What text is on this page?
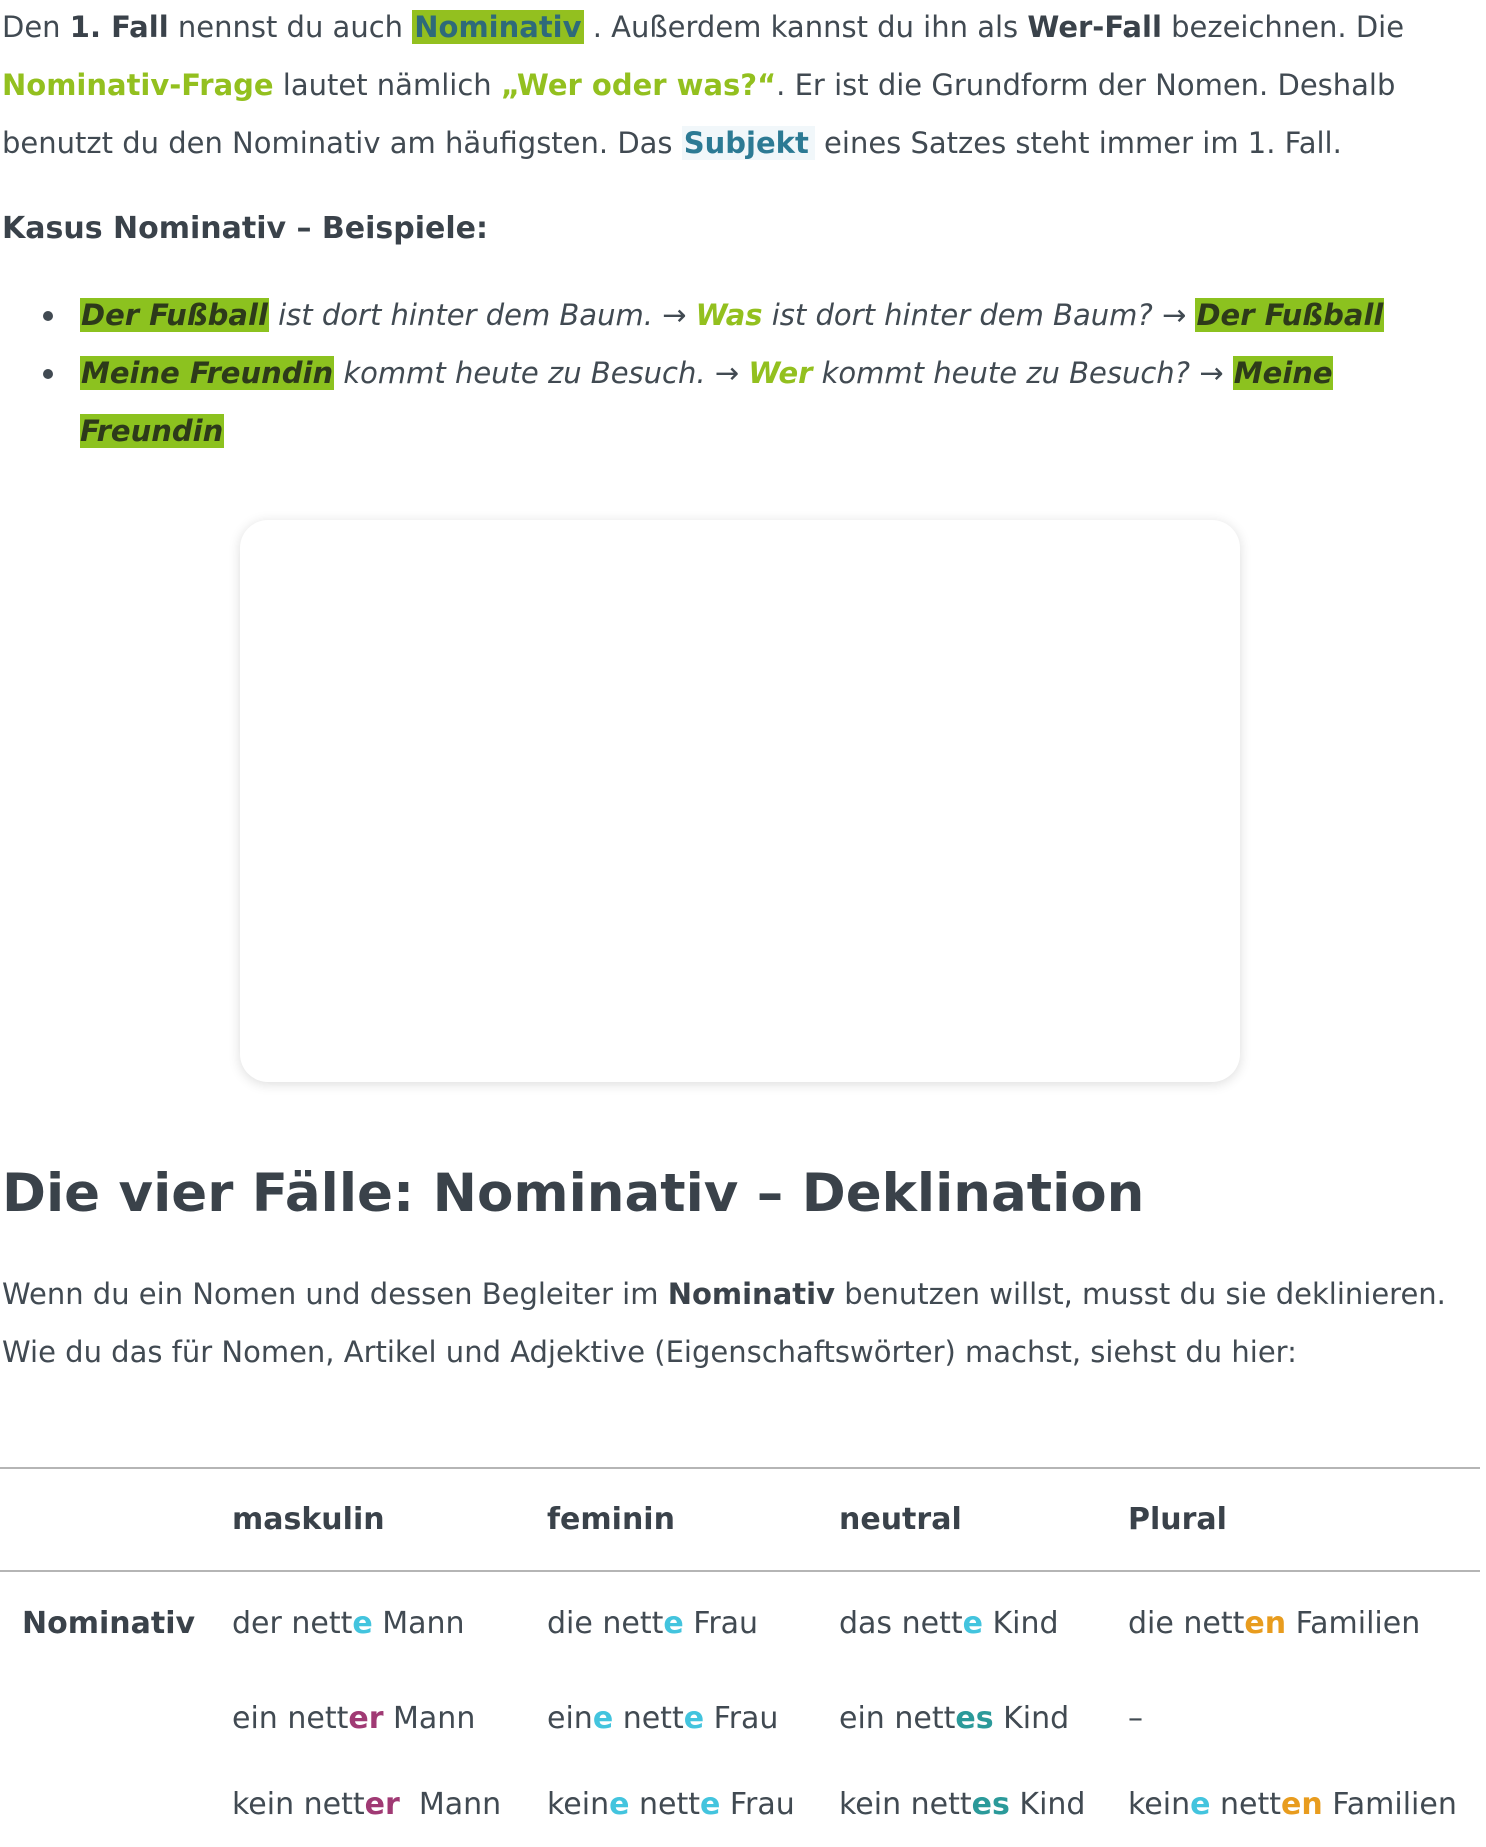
Den 1. Fall nennst du auch Nominativ . Außerdem kannst du ihn als Wer-Fall bezeichnen. Die Nominativ-Frage lautet nämlich „Wer oder was?“. Er ist die Grundform der Nomen. Deshalb benutzt du den Nominativ am häufigsten. Das Subjekt eines Satzes steht immer im 1. Fall.

Kasus Nominativ – Beispiele:

Der Fußball ist dort hinter dem Baum. → Was ist dort hinter dem Baum? → Der Fußball
Meine Freundin kommt heute zu Besuch. → Wer kommt heute zu Besuch? → Meine Freundin
Die vier Fälle: Nominativ – Deklination

Wenn du ein Nomen und dessen Begleiter im Nominativ benutzen willst, musst du sie deklinieren. Wie du das für Nomen, Artikel und Adjektive (Eigenschaftswörter) machst, siehst du hier:

	maskulin	feminin	neutral	Plural
Nominativ	der nette Mann	die nette Frau	das nette Kind	die netten Familien
	ein netter Mann	eine nette Frau	ein nettes Kind	–
	kein netter  Mann	keine nette Frau	kein nettes Kind	keine netten Familien
